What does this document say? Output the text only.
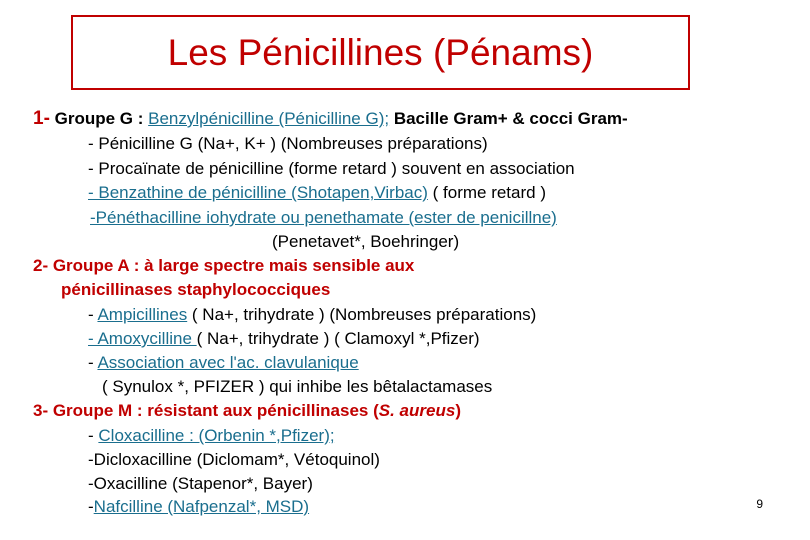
Les Pénicillines (Pénams)
1- Groupe G : Benzylpénicilline (Pénicilline G); Bacille Gram+ & cocci Gram-
- Pénicilline G (Na+, K+ ) (Nombreuses préparations)
- Procaïnate de pénicilline (forme retard ) souvent en association
- Benzathine de pénicilline (Shotapen,Virbac) ( forme retard )
-Pénéthacilline iohydrate ou penethamate (ester de penicillne)
(Penetavet*, Boehringer)
2- Groupe A : à large spectre mais sensible aux
pénicillinases staphylococciques
- Ampicillines ( Na+, trihydrate ) (Nombreuses préparations)
- Amoxycilline ( Na+, trihydrate ) ( Clamoxyl *,Pfizer)
- Association avec l'ac. clavulanique
( Synulox *, PFIZER ) qui inhibe les bêtalactamases
3- Groupe M : résistant aux pénicillinases (S. aureus)
- Cloxacilline : (Orbenin *,Pfizer);
-Dicloxacilline (Diclomam*, Vétoquinol)
-Oxacilline (Stapenor*, Bayer)
-Nafcilline (Nafpenzal*, MSD)	9
